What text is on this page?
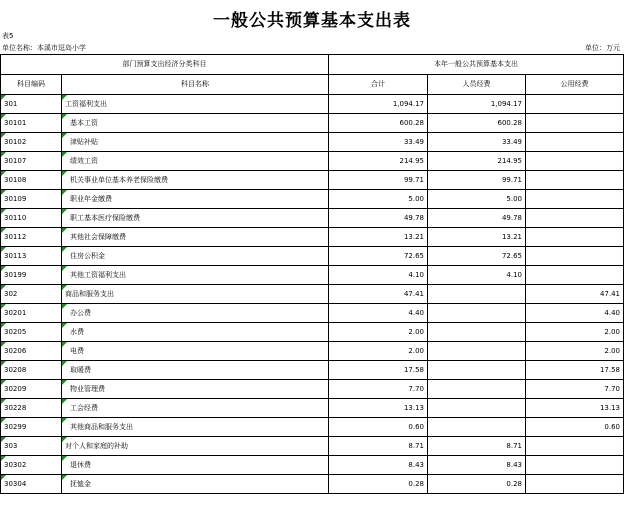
一般公共预算基本支出表
表5
单位名称：本溪市逗岛小学	单位：万元
部门预算支出经济分类科目		本年一般公共预算基本支出		
科目编码	科目名称	合计	人员经费	公用经费
301	工资福利支出	1,094.17	1,094.17	
30101	基本工资	600.28	600.28	
30102	津贴补贴	33.49	33.49	
30107	绩效工资	214.95	214.95	
30108	机关事业单位基本养老保险缴费	99.71	99.71	
30109	职业年金缴费	5.00	5.00	
30110	职工基本医疗保险缴费	49.78	49.78	
30112	其他社会保障缴费	13.21	13.21	
30113	住房公积金	72.65	72.65	
30199	其他工资福利支出	4.10	4.10	
302	商品和服务支出	47.41		47.41
30201	办公费	4.40		4.40
30205	水费	2.00		2.00
30206	电费	2.00		2.00
30208	取暖费	17.58		17.58
30209	物业管理费	7.70		7.70
30228	工会经费	13.13		13.13
30299	其他商品和服务支出	0.60		0.60
303	对个人和家庭的补助	8.71	8.71	
30302	退休费	8.43	8.43	
30304	抚恤金	0.28	0.28	
